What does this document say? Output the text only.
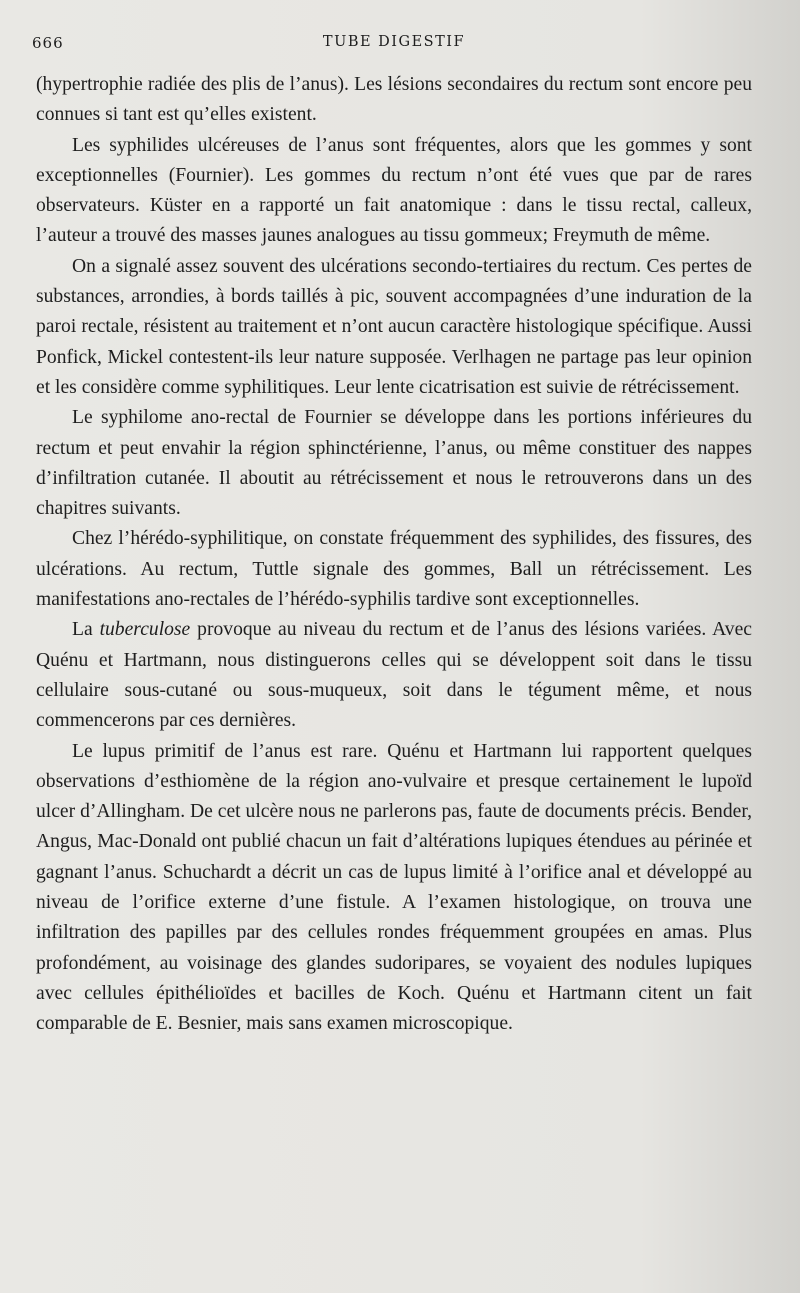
666	TUBE DIGESTIF

(hypertrophie radiée des plis de l’anus). Les lésions secondaires du rectum sont encore peu connues si tant est qu’elles existent.

Les syphilides ulcéreuses de l’anus sont fréquentes, alors que les gommes y sont exceptionnelles (Fournier). Les gommes du rectum n’ont été vues que par de rares observateurs. Küster en a rapporté un fait anatomique : dans le tissu rectal, calleux, l’auteur a trouvé des masses jaunes analogues au tissu gommeux; Freymuth de même.

On a signalé assez souvent des ulcérations secondo-tertiaires du rectum. Ces pertes de substances, arrondies, à bords taillés à pic, souvent accompagnées d’une induration de la paroi rectale, résistent au traitement et n’ont aucun caractère histologique spécifique. Aussi Ponfick, Mickel contestent-ils leur nature supposée. Verlhagen ne partage pas leur opinion et les considère comme syphilitiques. Leur lente cicatrisation est suivie de rétrécissement.

Le syphilome ano-rectal de Fournier se développe dans les portions inférieures du rectum et peut envahir la région sphinctérienne, l’anus, ou même constituer des nappes d’infiltration cutanée. Il aboutit au rétrécissement et nous le retrouverons dans un des chapitres suivants.

Chez l’hérédo-syphilitique, on constate fréquemment des syphilides, des fissures, des ulcérations. Au rectum, Tuttle signale des gommes, Ball un rétrécissement. Les manifestations ano-rectales de l’hérédo-syphilis tardive sont exceptionnelles.

La tuberculose provoque au niveau du rectum et de l’anus des lésions variées. Avec Quénu et Hartmann, nous distinguerons celles qui se développent soit dans le tissu cellulaire sous-cutané ou sous-muqueux, soit dans le tégument même, et nous commencerons par ces dernières.

Le lupus primitif de l’anus est rare. Quénu et Hartmann lui rapportent quelques observations d’esthiomène de la région ano-vulvaire et presque certainement le lupoïd ulcer d’Allingham. De cet ulcère nous ne parlerons pas, faute de documents précis. Bender, Angus, Mac-Donald ont publié chacun un fait d’altérations lupiques étendues au périnée et gagnant l’anus. Schuchardt a décrit un cas de lupus limité à l’orifice anal et développé au niveau de l’orifice externe d’une fistule. A l’examen histologique, on trouva une infiltration des papilles par des cellules rondes fréquemment groupées en amas. Plus profondément, au voisinage des glandes sudoripares, se voyaient des nodules lupiques avec cellules épithélioïdes et bacilles de Koch. Quénu et Hartmann citent un fait comparable de E. Besnier, mais sans examen microscopique.
